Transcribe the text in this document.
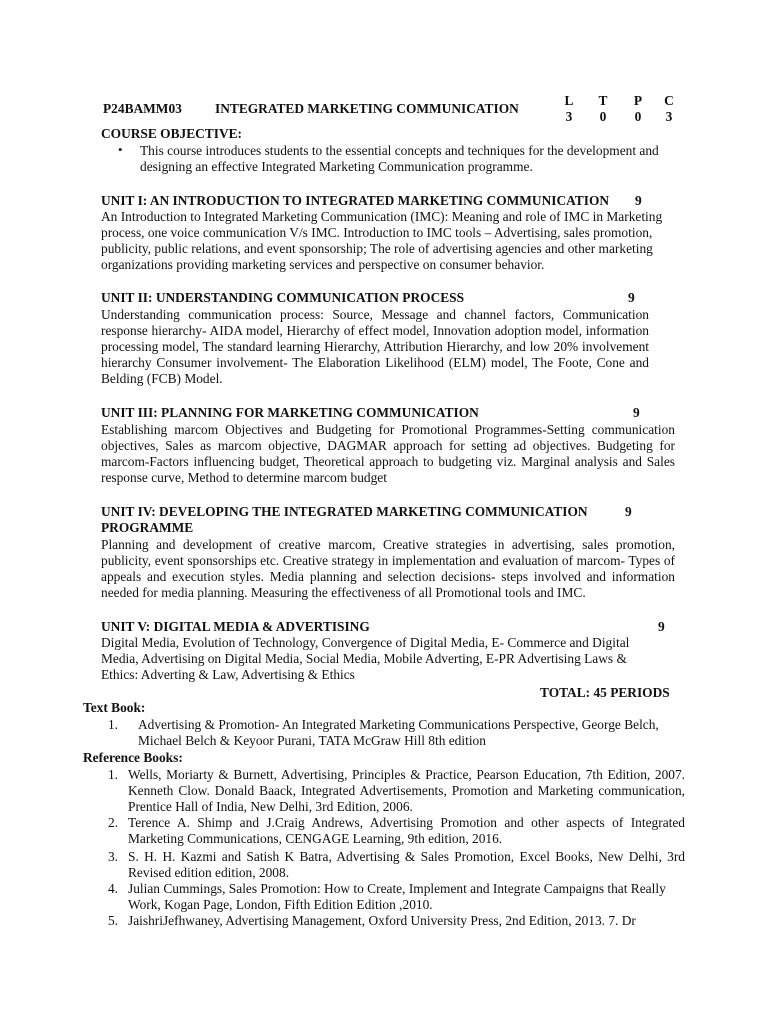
P24BAMM03 INTEGRATED MARKETING COMMUNICATION
L T P C
3 0 0 3
COURSE OBJECTIVE:
• This course introduces students to the essential concepts and techniques for the development and designing an effective Integrated Marketing Communication programme.
UNIT I: AN INTRODUCTION TO INTEGRATED MARKETING COMMUNICATION 9
An Introduction to Integrated Marketing Communication (IMC): Meaning and role of IMC in Marketing process, one voice communication V/s IMC. Introduction to IMC tools – Advertising, sales promotion, publicity, public relations, and event sponsorship; The role of advertising agencies and other marketing organizations providing marketing services and perspective on consumer behavior.
UNIT II: UNDERSTANDING COMMUNICATION PROCESS	9
Understanding communication process: Source, Message and channel factors, Communication response hierarchy- AIDA model, Hierarchy of effect model, Innovation adoption model, information processing model, The standard learning Hierarchy, Attribution Hierarchy, and low 20% involvement hierarchy Consumer involvement- The Elaboration Likelihood (ELM) model, The Foote, Cone and Belding (FCB) Model.
UNIT III: PLANNING FOR MARKETING COMMUNICATION	9
Establishing marcom Objectives and Budgeting for Promotional Programmes-Setting communication objectives, Sales as marcom objective, DAGMAR approach for setting ad objectives. Budgeting for marcom-Factors influencing budget, Theoretical approach to budgeting viz. Marginal analysis and Sales response curve, Method to determine marcom budget
UNIT IV: DEVELOPING THE INTEGRATED MARKETING COMMUNICATION PROGRAMME
9
Planning and development of creative marcom, Creative strategies in advertising, sales promotion, publicity, event sponsorships etc. Creative strategy in implementation and evaluation of marcom- Types of appeals and execution styles. Media planning and selection decisions- steps involved and information needed for media planning. Measuring the effectiveness of all Promotional tools and IMC.
UNIT V: DIGITAL MEDIA & ADVERTISING	9
Digital Media, Evolution of Technology, Convergence of Digital Media, E- Commerce and Digital Media, Advertising on Digital Media, Social Media, Mobile Adverting, E-PR Advertising Laws & Ethics: Adverting & Law, Advertising & Ethics
TOTAL: 45 PERIODS
Text Book:
1. Advertising & Promotion- An Integrated Marketing Communications Perspective, George Belch, Michael Belch & Keyoor Purani, TATA McGraw Hill 8th edition
Reference Books:
1. Wells, Moriarty & Burnett, Advertising, Principles & Practice, Pearson Education, 7th Edition, 2007. Kenneth Clow. Donald Baack, Integrated Advertisements, Promotion and Marketing communication, Prentice Hall of India, New Delhi, 3rd Edition, 2006.
2. Terence A. Shimp and J.Craig Andrews, Advertising Promotion and other aspects of Integrated Marketing Communications, CENGAGE Learning, 9th edition, 2016.
3. S. H. H. Kazmi and Satish K Batra, Advertising & Sales Promotion, Excel Books, New Delhi, 3rd Revised edition edition, 2008.
4. Julian Cummings, Sales Promotion: How to Create, Implement and Integrate Campaigns that Really Work, Kogan Page, London, Fifth Edition Edition ,2010.
5. JaishriJefhwaney, Advertising Management, Oxford University Press, 2nd Edition, 2013. 7. Dr
